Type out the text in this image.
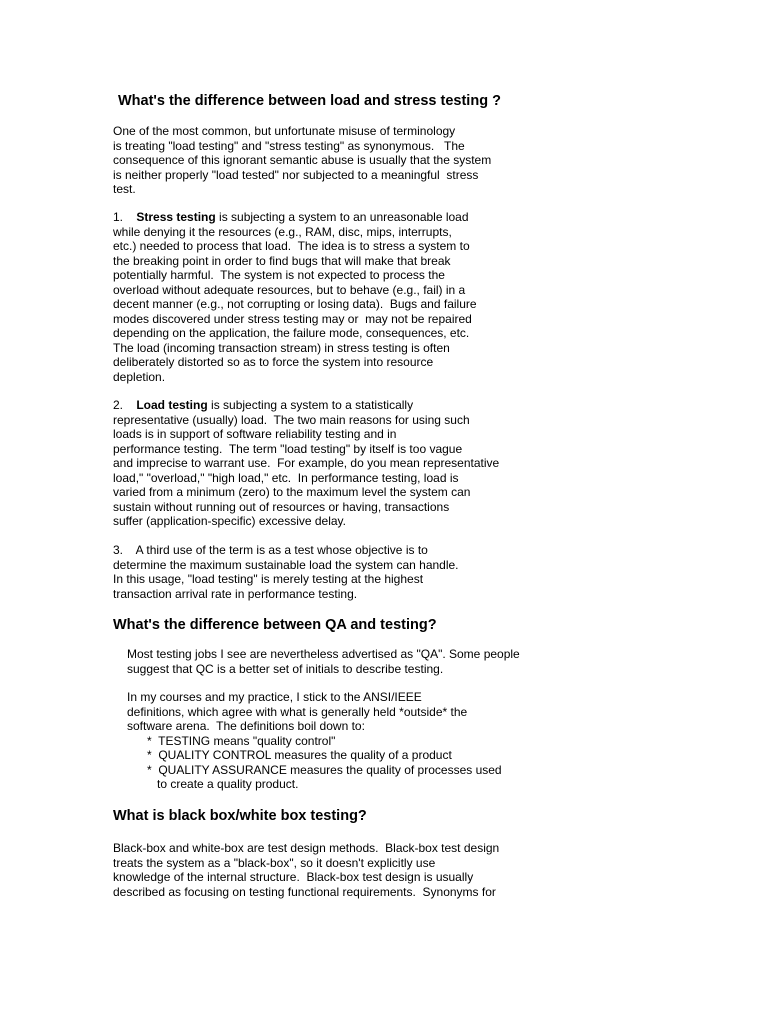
What's the difference between load and stress testing ?
One of the most common, but unfortunate misuse of terminology
is treating "load testing" and "stress testing" as synonymous.   The
consequence of this ignorant semantic abuse is usually that the system
is neither properly "load tested" nor subjected to a meaningful  stress
test.
1.    Stress testing is subjecting a system to an unreasonable load
while denying it the resources (e.g., RAM, disc, mips, interrupts,
etc.) needed to process that load.  The idea is to stress a system to
the breaking point in order to find bugs that will make that break
potentially harmful.  The system is not expected to process the
overload without adequate resources, but to behave (e.g., fail) in a
decent manner (e.g., not corrupting or losing data).  Bugs and failure
modes discovered under stress testing may or  may not be repaired
depending on the application, the failure mode, consequences, etc.
The load (incoming transaction stream) in stress testing is often
deliberately distorted so as to force the system into resource
depletion.
2.    Load testing is subjecting a system to a statistically
representative (usually) load.  The two main reasons for using such
loads is in support of software reliability testing and in
performance testing.  The term "load testing" by itself is too vague
and imprecise to warrant use.  For example, do you mean representative
load," "overload," "high load," etc.  In performance testing, load is
varied from a minimum (zero) to the maximum level the system can
sustain without running out of resources or having, transactions
suffer (application-specific) excessive delay.
3.    A third use of the term is as a test whose objective is to
determine the maximum sustainable load the system can handle.
In this usage, "load testing" is merely testing at the highest
transaction arrival rate in performance testing.
What's the difference between QA and testing?
Most testing jobs I see are nevertheless advertised as "QA". Some people
suggest that QC is a better set of initials to describe testing.
In my courses and my practice, I stick to the ANSI/IEEE
definitions, which agree with what is generally held *outside* the
software arena.  The definitions boil down to:
*  TESTING means "quality control"
*  QUALITY CONTROL measures the quality of a product
*  QUALITY ASSURANCE measures the quality of processes used
to create a quality product.
What is black box/white box testing?
Black-box and white-box are test design methods.  Black-box test design
treats the system as a "black-box", so it doesn't explicitly use
knowledge of the internal structure.  Black-box test design is usually
described as focusing on testing functional requirements.  Synonyms for
